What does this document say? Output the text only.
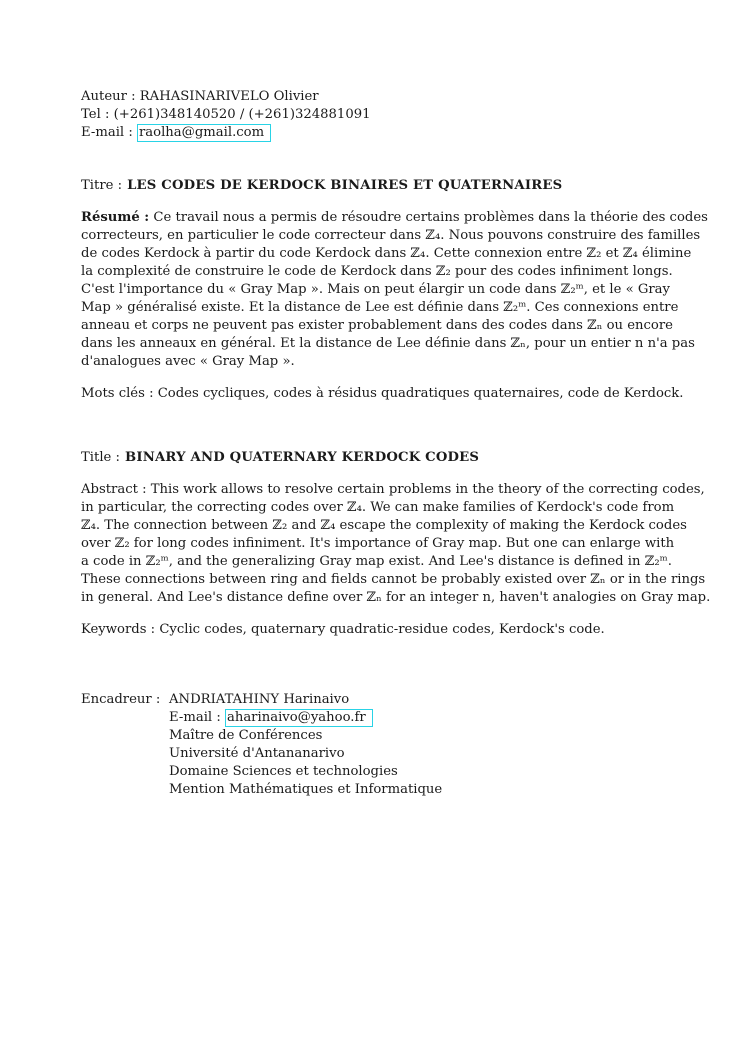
Auteur : RAHASINARIVELO Olivier
Tel : (+261)348140520 / (+261)324881091
E-mail : raolha@gmail.com
Titre : LES CODES DE KERDOCK BINAIRES ET QUATERNAIRES
Résumé : Ce travail nous a permis de résoudre certains problèmes dans la théorie des codes
correcteurs, en particulier le code correcteur dans ℤ₄. Nous pouvons construire des familles
de codes Kerdock à partir du code Kerdock dans ℤ₄. Cette connexion entre ℤ₂ et ℤ₄ élimine
la complexité de construire le code de Kerdock dans ℤ₂ pour des codes infiniment longs.
C'est l'importance du « Gray Map ». Mais on peut élargir un code dans ℤ₂ᵐ, et le « Gray
Map » généralisé existe. Et la distance de Lee est définie dans ℤ₂ᵐ. Ces connexions entre
anneau et corps ne peuvent pas exister probablement dans des codes dans ℤₙ ou encore
dans les anneaux en général. Et la distance de Lee définie dans ℤₙ, pour un entier n n'a pas
d'analogues avec « Gray Map ».
Mots clés : Codes cycliques, codes à résidus quadratiques quaternaires, code de Kerdock.
Title : BINARY AND QUATERNARY KERDOCK CODES
Abstract : This work allows to resolve certain problems in the theory of the correcting codes,
in particular, the correcting codes over ℤ₄. We can make families of Kerdock's code from
ℤ₄. The connection between ℤ₂ and ℤ₄ escape the complexity of making the Kerdock codes
over ℤ₂ for long codes infiniment. It's importance of Gray map. But one can enlarge with
a code in ℤ₂ᵐ, and the generalizing Gray map exist. And Lee's distance is defined in ℤ₂ᵐ.
These connections between ring and fields cannot be probably existed over ℤₙ or in the rings
in general. And Lee's distance define over ℤₙ for an integer n, haven't analogies on Gray map.
Keywords : Cyclic codes, quaternary quadratic-residue codes, Kerdock's code.
Encadreur : ANDRIATAHINY Harinaivo
E-mail : aharinaivo@yahoo.fr
Maître de Conférences
Université d'Antananarivo
Domaine Sciences et technologies
Mention Mathématiques et Informatique
